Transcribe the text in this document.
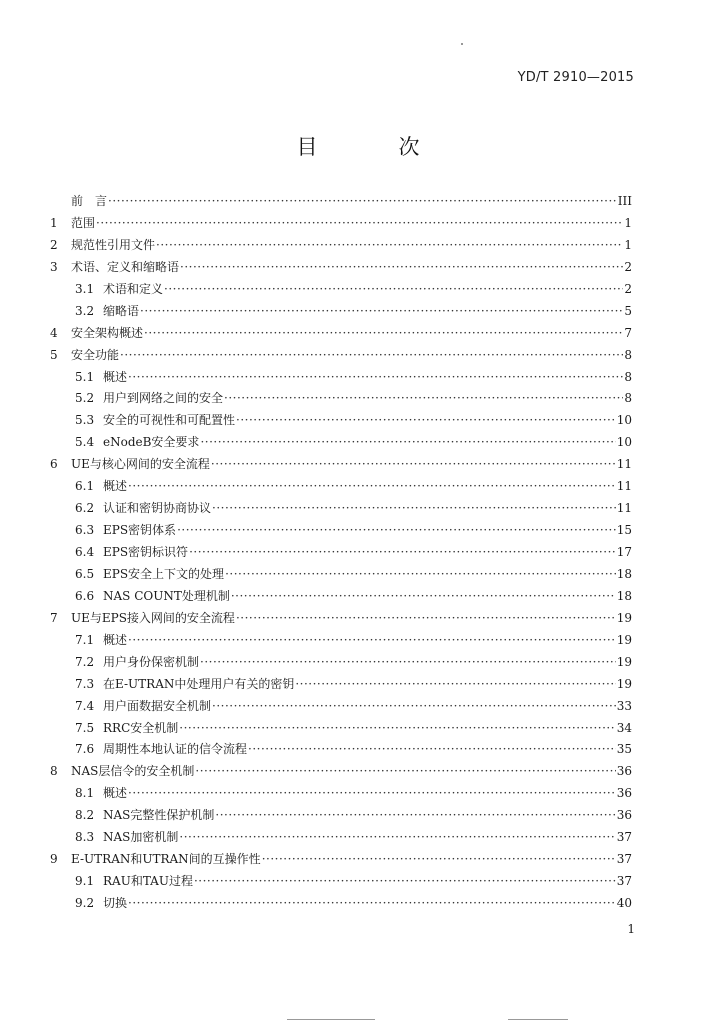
YD/T 2910—2015
目　次
前　言 ·····	III
1	范围 ·····	1
2	规范性引用文件 ·····	1
3	术语、定义和缩略语 ·····	2
3.1 术语和定义 ·····	2
3.2 缩略语 ·····	5
4	安全架构概述 ·····	7
5	安全功能 ·····	8
5.1 概述 ·····	8
5.2 用户到网络之间的安全 ·····	8
5.3 安全的可视性和可配置性 ·····	10
5.4 eNodeB安全要求 ·····	10
6	UE与核心网间的安全流程 ·····	11
6.1 概述 ·····	11
6.2 认证和密钥协商协议 ·····	11
6.3 EPS密钥体系 ·····	15
6.4 EPS密钥标识符 ·····	17
6.5 EPS安全上下文的处理 ·····	18
6.6 NAS COUNT处理机制 ·····	18
7	UE与EPS接入网间的安全流程 ·····	19
7.1 概述 ·····	19
7.2 用户身份保密机制 ·····	19
7.3 在E-UTRAN中处理用户有关的密钥 ·····	19
7.4 用户面数据安全机制 ·····	33
7.5 RRC安全机制 ·····	34
7.6 周期性本地认证的信令流程 ·····	35
8	NAS层信令的安全机制 ·····	36
8.1 概述 ·····	36
8.2 NAS完整性保护机制 ·····	36
8.3 NAS加密机制 ·····	37
9	E-UTRAN和UTRAN间的互操作性 ·····	37
9.1 RAU和TAU过程 ·····	37
9.2 切换 ·····	40
1
